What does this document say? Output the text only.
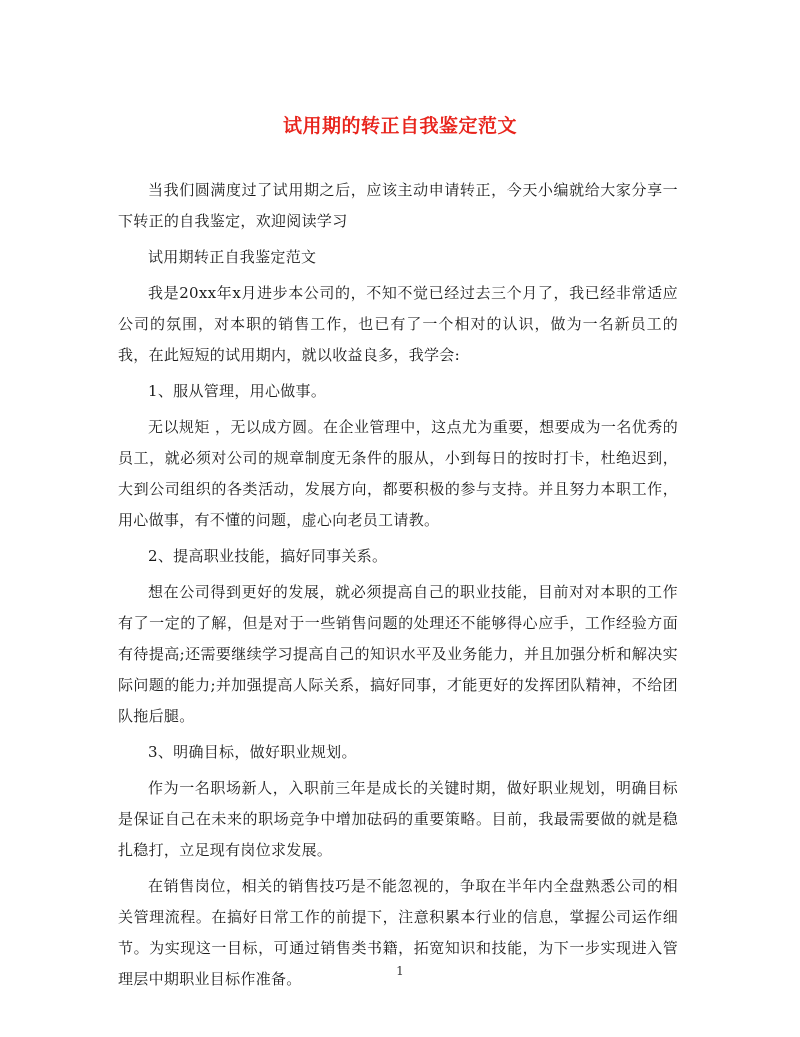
试用期的转正自我鉴定范文

当我们圆满度过了试用期之后，应该主动申请转正，今天小编就给大家分享一下转正的自我鉴定，欢迎阅读学习

试用期转正自我鉴定范文

我是20xx年x月进步本公司的，不知不觉已经过去三个月了，我已经非常适应公司的氛围，对本职的销售工作，也已有了一个相对的认识，做为一名新员工的我，在此短短的试用期内，就以收益良多，我学会:

1、服从管理，用心做事。

无以规矩 ，无以成方圆。在企业管理中，这点尤为重要，想要成为一名优秀的员工，就必须对公司的规章制度无条件的服从，小到每日的按时打卡，杜绝迟到，大到公司组织的各类活动，发展方向，都要积极的参与支持。并且努力本职工作，用心做事，有不懂的问题，虚心向老员工请教。

2、提高职业技能，搞好同事关系。

想在公司得到更好的发展，就必须提高自己的职业技能，目前对对本职的工作有了一定的了解，但是对于一些销售问题的处理还不能够得心应手，工作经验方面有待提高;还需要继续学习提高自己的知识水平及业务能力，并且加强分析和解决实际问题的能力;并加强提高人际关系，搞好同事，才能更好的发挥团队精神，不给团队拖后腿。

3、明确目标，做好职业规划。

作为一名职场新人，入职前三年是成长的关键时期，做好职业规划，明确目标是保证自己在未来的职场竞争中增加砝码的重要策略。目前，我最需要做的就是稳扎稳打，立足现有岗位求发展。

在销售岗位，相关的销售技巧是不能忽视的，争取在半年内全盘熟悉公司的相关管理流程。在搞好日常工作的前提下，注意积累本行业的信息，掌握公司运作细节。为实现这一目标，可通过销售类书籍，拓宽知识和技能，为下一步实现进入管理层中期职业目标作准备。	1
